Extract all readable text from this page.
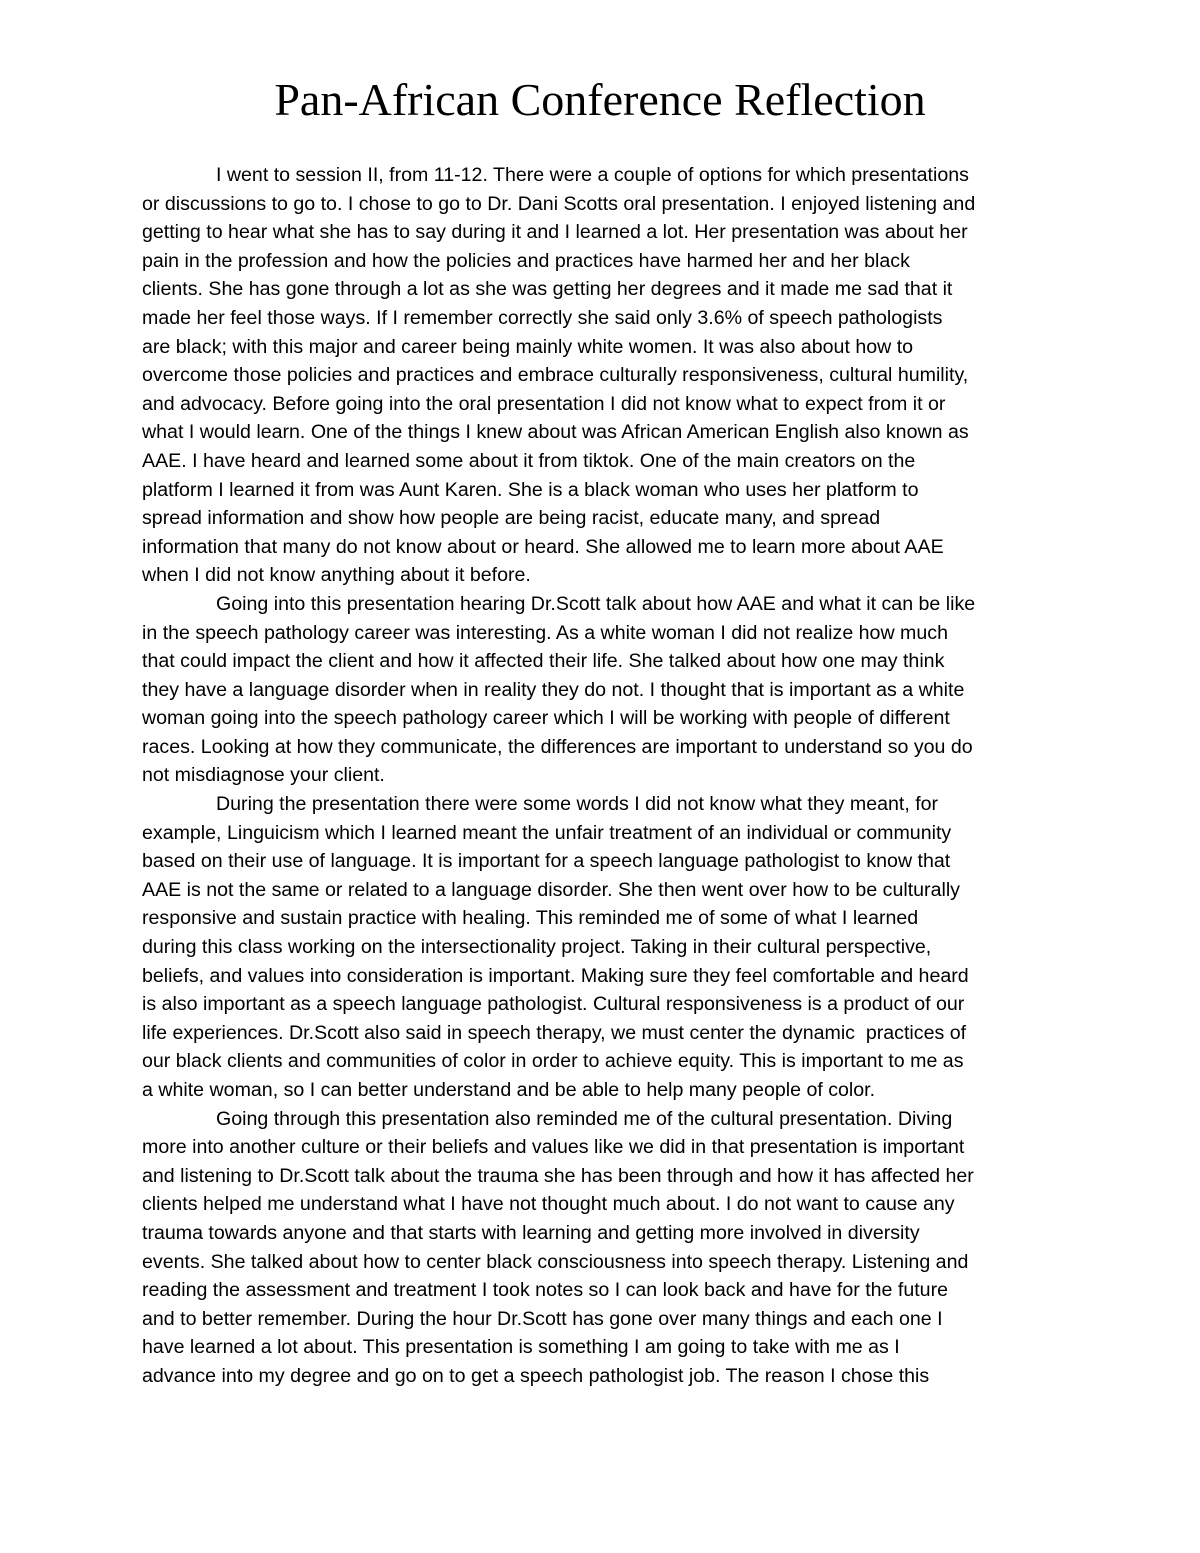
Pan-African Conference Reflection
I went to session II, from 11-12. There were a couple of options for which presentations
or discussions to go to. I chose to go to Dr. Dani Scotts oral presentation. I enjoyed listening and
getting to hear what she has to say during it and I learned a lot. Her presentation was about her
pain in the profession and how the policies and practices have harmed her and her black
clients. She has gone through a lot as she was getting her degrees and it made me sad that it
made her feel those ways. If I remember correctly she said only 3.6% of speech pathologists
are black; with this major and career being mainly white women. It was also about how to
overcome those policies and practices and embrace culturally responsiveness, cultural humility,
and advocacy. Before going into the oral presentation I did not know what to expect from it or
what I would learn. One of the things I knew about was African American English also known as
AAE. I have heard and learned some about it from tiktok. One of the main creators on the
platform I learned it from was Aunt Karen. She is a black woman who uses her platform to
spread information and show how people are being racist, educate many, and spread
information that many do not know about or heard. She allowed me to learn more about AAE
when I did not know anything about it before.
Going into this presentation hearing Dr.Scott talk about how AAE and what it can be like
in the speech pathology career was interesting. As a white woman I did not realize how much
that could impact the client and how it affected their life. She talked about how one may think
they have a language disorder when in reality they do not. I thought that is important as a white
woman going into the speech pathology career which I will be working with people of different
races. Looking at how they communicate, the differences are important to understand so you do
not misdiagnose your client.
During the presentation there were some words I did not know what they meant, for
example, Linguicism which I learned meant the unfair treatment of an individual or community
based on their use of language. It is important for a speech language pathologist to know that
AAE is not the same or related to a language disorder. She then went over how to be culturally
responsive and sustain practice with healing. This reminded me of some of what I learned
during this class working on the intersectionality project. Taking in their cultural perspective,
beliefs, and values into consideration is important. Making sure they feel comfortable and heard
is also important as a speech language pathologist. Cultural responsiveness is a product of our
life experiences. Dr.Scott also said in speech therapy, we must center the dynamic  practices of
our black clients and communities of color in order to achieve equity. This is important to me as
a white woman, so I can better understand and be able to help many people of color.
Going through this presentation also reminded me of the cultural presentation. Diving
more into another culture or their beliefs and values like we did in that presentation is important
and listening to Dr.Scott talk about the trauma she has been through and how it has affected her
clients helped me understand what I have not thought much about. I do not want to cause any
trauma towards anyone and that starts with learning and getting more involved in diversity
events. She talked about how to center black consciousness into speech therapy. Listening and
reading the assessment and treatment I took notes so I can look back and have for the future
and to better remember. During the hour Dr.Scott has gone over many things and each one I
have learned a lot about. This presentation is something I am going to take with me as I
advance into my degree and go on to get a speech pathologist job. The reason I chose this
